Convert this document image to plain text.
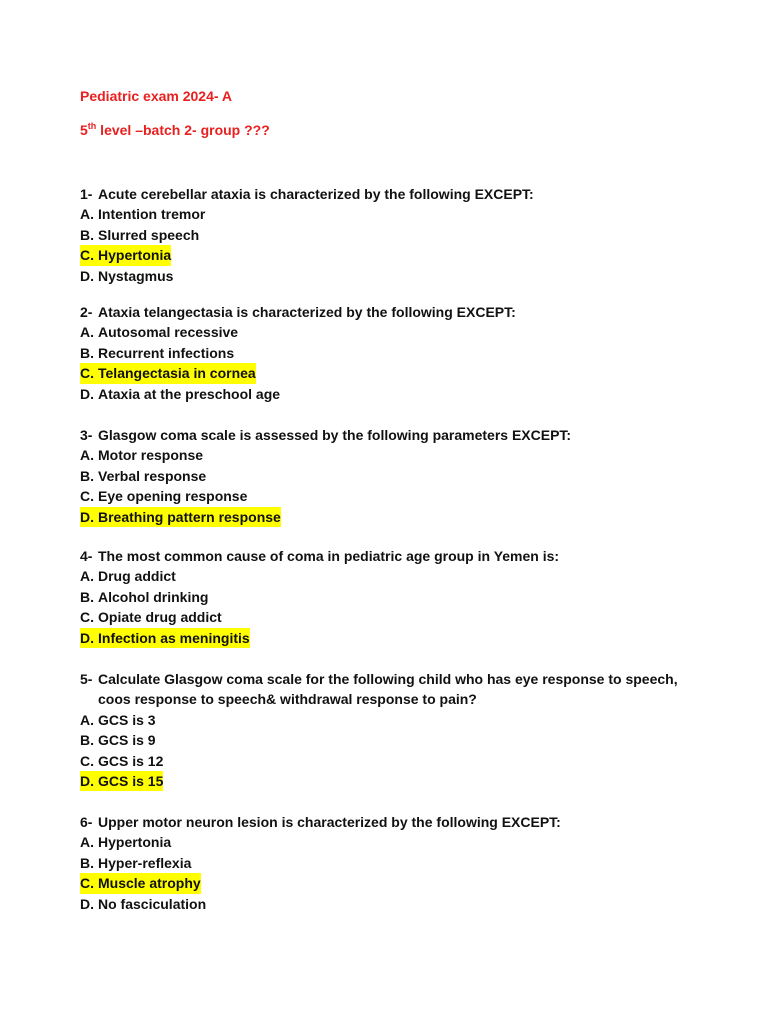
Pediatric exam 2024- A
5th level –batch 2- group ???
1- Acute cerebellar ataxia is characterized by the following EXCEPT:
A. Intention tremor
B. Slurred speech
C. Hypertonia
D. Nystagmus
2- Ataxia telangectasia is characterized by the following EXCEPT:
A. Autosomal recessive
B. Recurrent infections
C. Telangectasia in cornea
D. Ataxia at the preschool age
3- Glasgow coma scale is assessed by the following parameters EXCEPT:
A. Motor response
B. Verbal response
C. Eye opening response
D. Breathing pattern response
4- The most common cause of coma in pediatric age group in Yemen is:
A. Drug addict
B. Alcohol drinking
C. Opiate drug addict
D. Infection as meningitis
5- Calculate Glasgow coma scale for the following child who has eye response to speech, coos response to speech& withdrawal response to pain?
A. GCS is 3
B. GCS is 9
C. GCS is 12
D. GCS is 15
6- Upper motor neuron lesion is characterized by the following EXCEPT:
A. Hypertonia
B. Hyper-reflexia
C. Muscle atrophy
D. No fasciculation
